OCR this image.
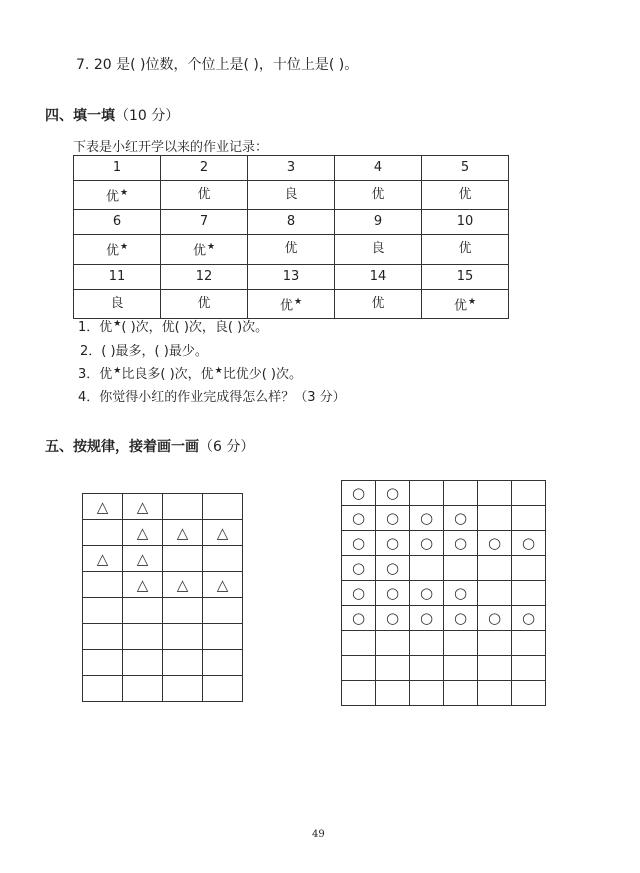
7. 20 是( )位数，个位上是( )，十位上是( )。
四、填一填（10 分）
下表是小红开学以来的作业记录：
1	2	3	4	5
优★	优	良	优	优
6	7	8	9	10
优★	优★	优	良	优
11	12	13	14	15
良	优	优★	优	优★
1．优★( )次，优( )次，良( )次。
2．( )最多，( )最少。
3．优★比良多( )次，优★比优少( )次。
4．你觉得小红的作业完成得怎么样？（3 分）
五、按规律，接着画一画（6 分）
△	△		
	△	△	△
△	△		
	△	△	△

○	○				
○	○	○	○		
○	○	○	○	○	○
○	○				
○	○	○	○		
○	○	○	○	○	○

49
